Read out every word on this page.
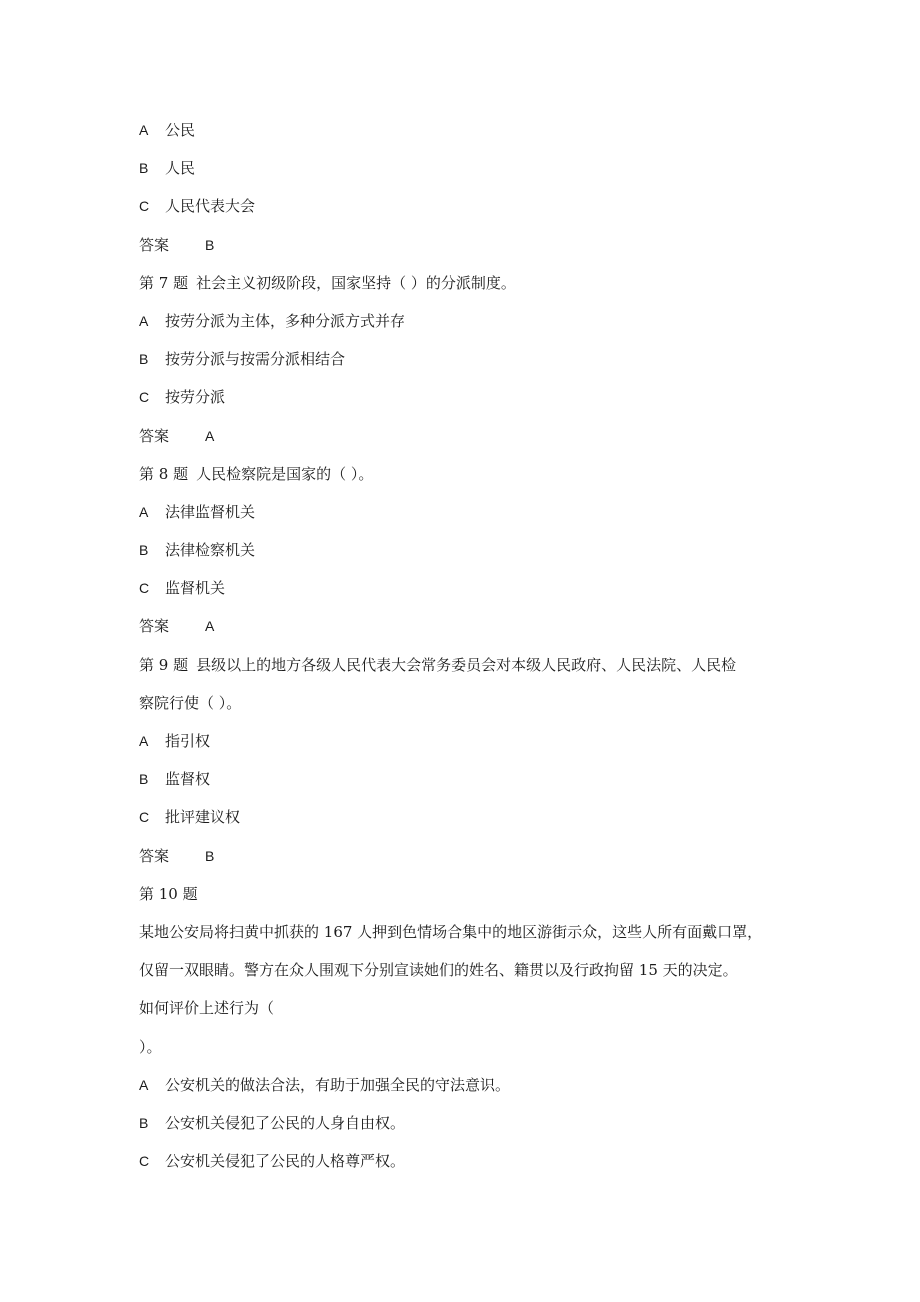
A 公民
B 人民
C 人民代表大会
答案	B
第 7 题 社会主义初级阶段，国家坚持（ ）的分派制度。
A 按劳分派为主体，多种分派方式并存
B 按劳分派与按需分派相结合
C 按劳分派
答案	A
第 8 题 人民检察院是国家的（ ）。
A 法律监督机关
B 法律检察机关
C 监督机关
答案	A
第 9 题 县级以上的地方各级人民代表大会常务委员会对本级人民政府、人民法院、人民检
察院行使（ ）。
A 指引权
B 监督权
C 批评建议权
答案	B
第 10 题
某地公安局将扫黄中抓获的 167 人押到色情场合集中的地区游街示众，这些人所有面戴口罩，
仅留一双眼睛。警方在众人围观下分别宣读她们的姓名、籍贯以及行政拘留 15 天的决定。
如何评价上述行为（
）。
A 公安机关的做法合法，有助于加强全民的守法意识。
B 公安机关侵犯了公民的人身自由权。
C 公安机关侵犯了公民的人格尊严权。
